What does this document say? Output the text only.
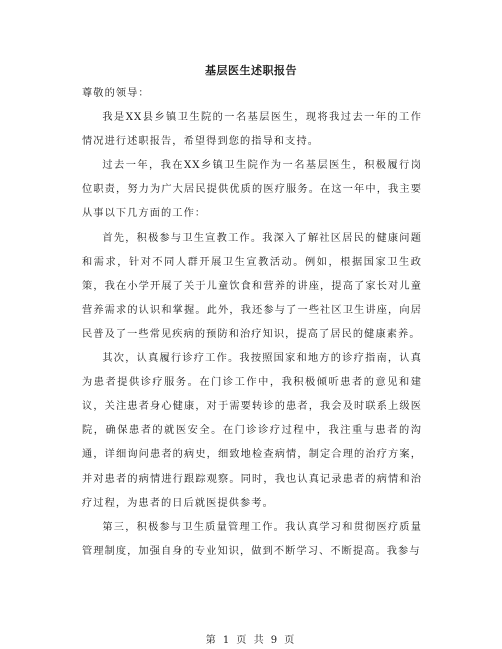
基层医生述职报告

尊敬的领导：

我是XX县乡镇卫生院的一名基层医生，现将我过去一年的工作情况进行述职报告，希望得到您的指导和支持。

过去一年，我在XX乡镇卫生院作为一名基层医生，积极履行岗位职责，努力为广大居民提供优质的医疗服务。在这一年中，我主要从事以下几方面的工作：

首先，积极参与卫生宣教工作。我深入了解社区居民的健康问题和需求，针对不同人群开展卫生宣教活动。例如，根据国家卫生政策，我在小学开展了关于儿童饮食和营养的讲座，提高了家长对儿童营养需求的认识和掌握。此外，我还参与了一些社区卫生讲座，向居民普及了一些常见疾病的预防和治疗知识，提高了居民的健康素养。

其次，认真履行诊疗工作。我按照国家和地方的诊疗指南，认真为患者提供诊疗服务。在门诊工作中，我积极倾听患者的意见和建议，关注患者身心健康，对于需要转诊的患者，我会及时联系上级医院，确保患者的就医安全。在门诊诊疗过程中，我注重与患者的沟通，详细询问患者的病史，细致地检查病情，制定合理的治疗方案，并对患者的病情进行跟踪观察。同时，我也认真记录患者的病情和治疗过程，为患者的日后就医提供参考。

第三，积极参与卫生质量管理工作。我认真学习和贯彻医疗质量管理制度，加强自身的专业知识，做到不断学习、不断提高。我参与

第 1 页 共 9 页
